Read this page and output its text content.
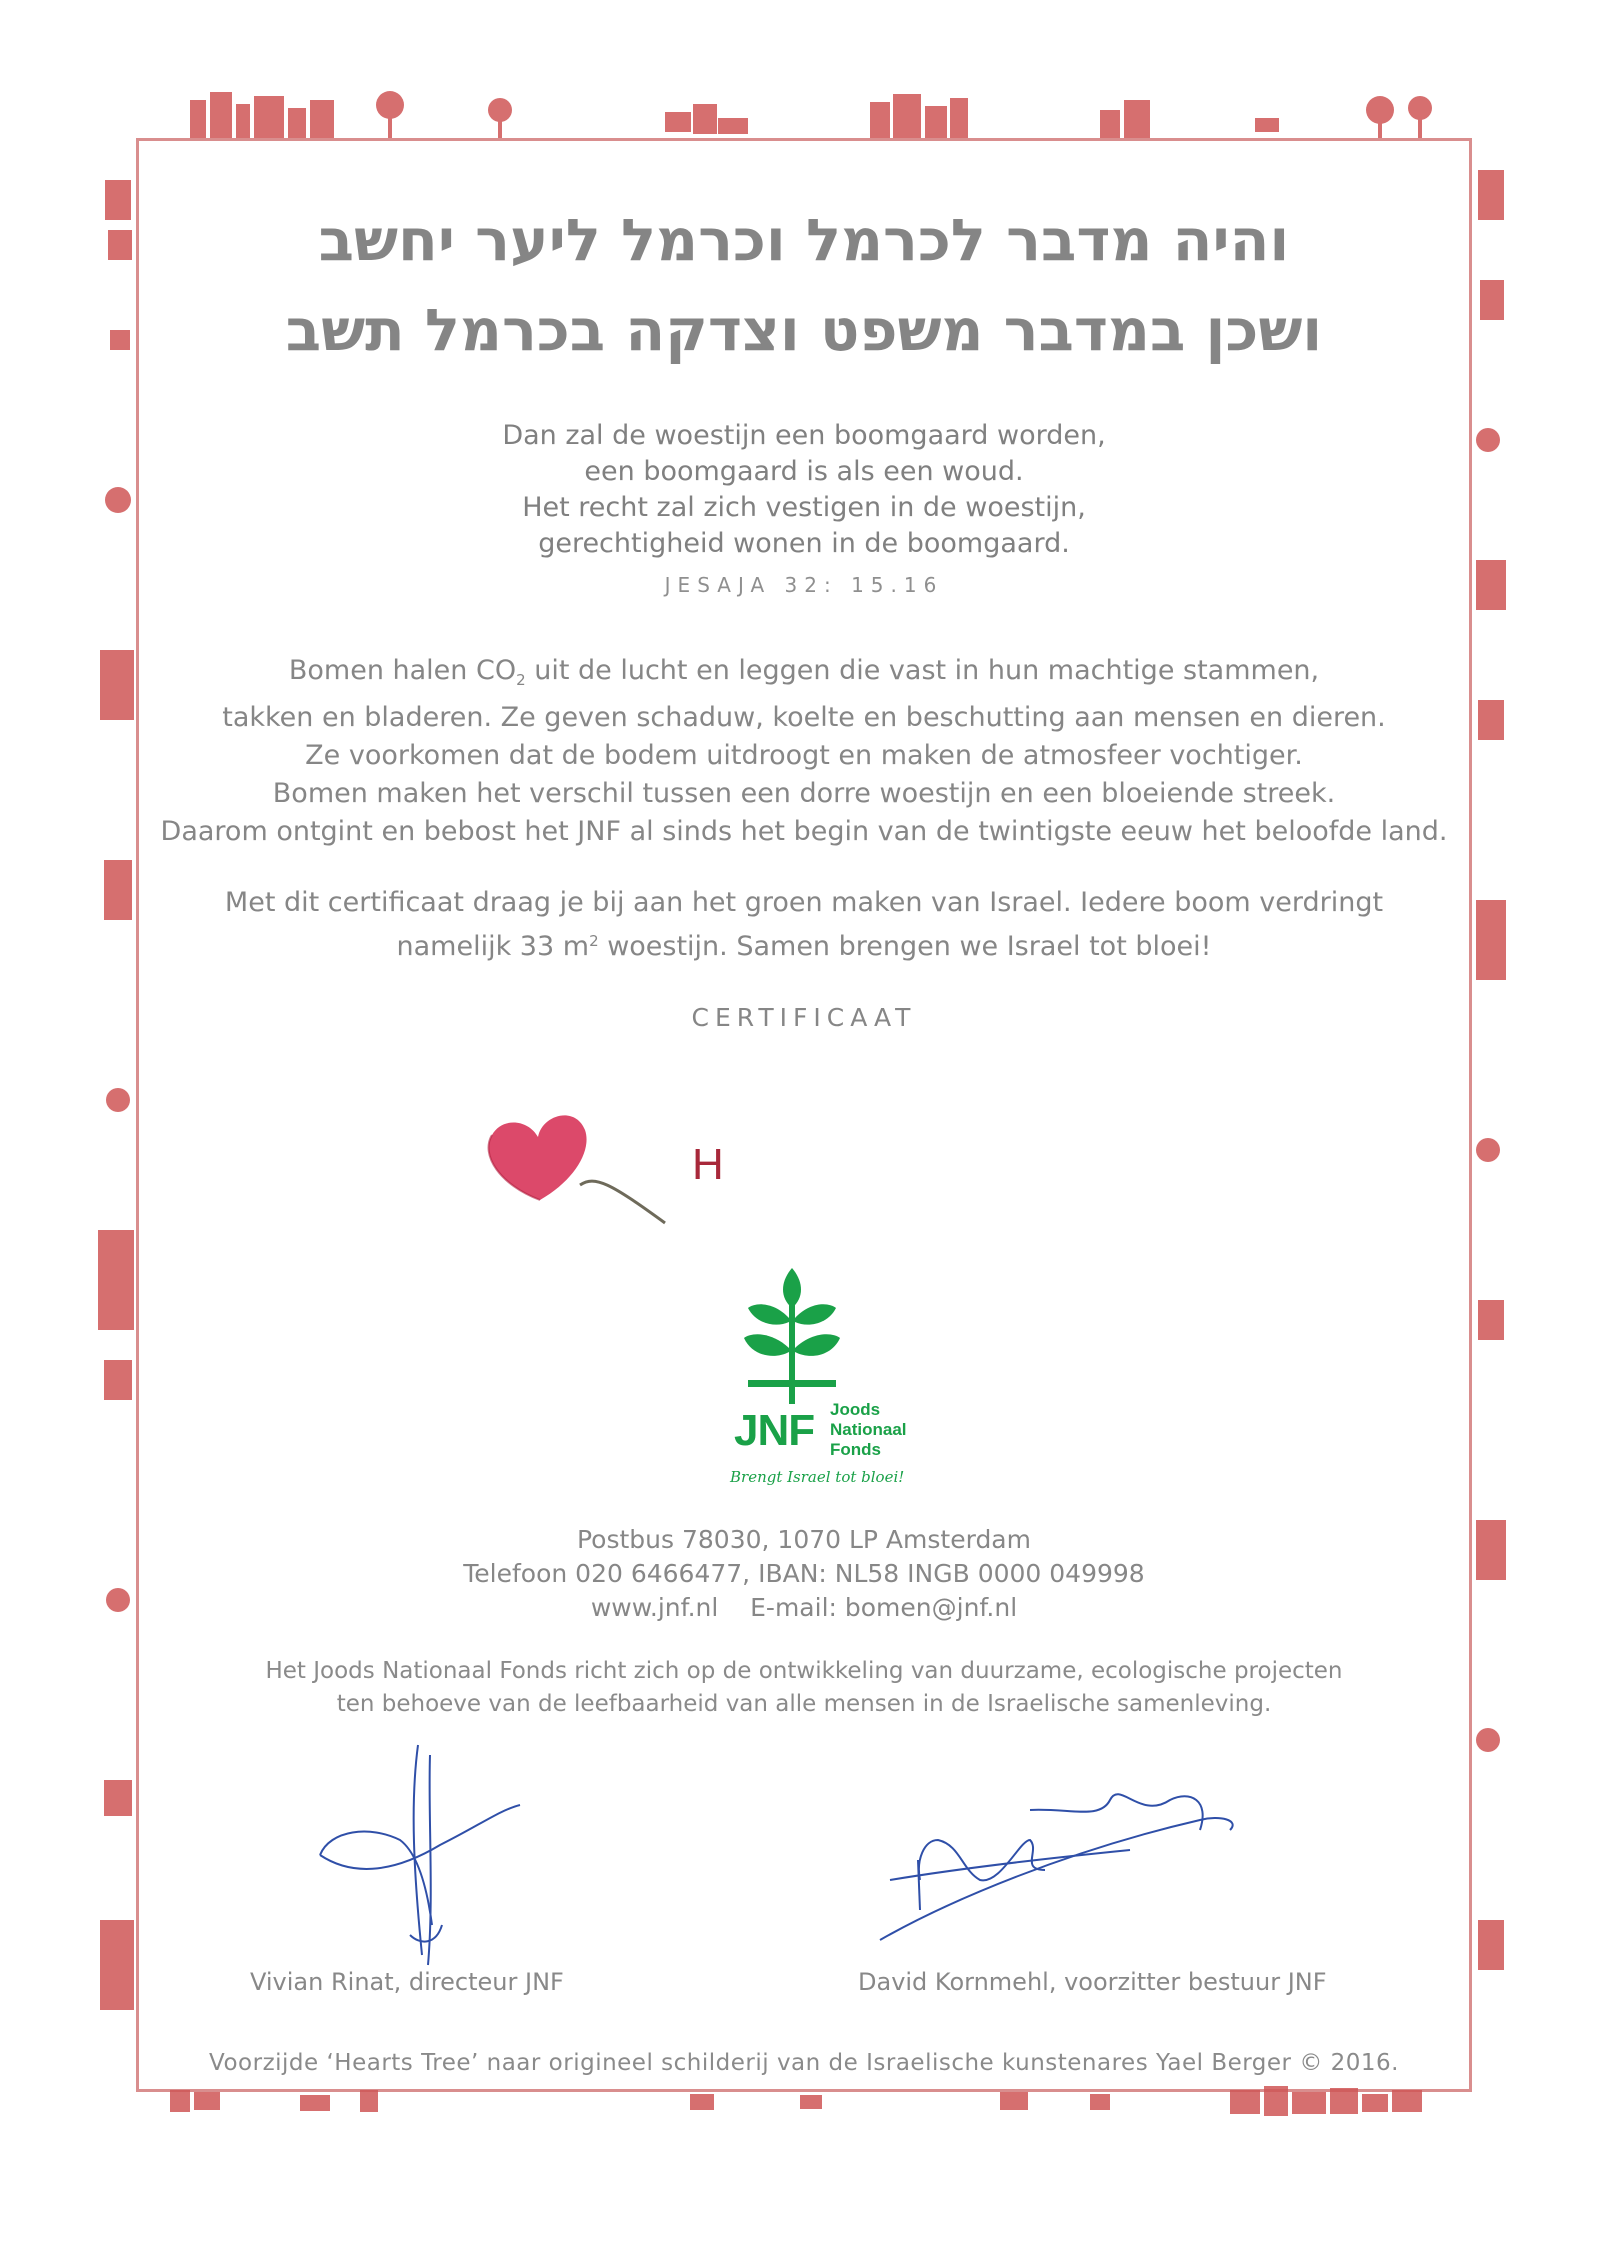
והיה מדבר לכרמל וכרמל ליער יחשב
ושכן במדבר משפט וצדקה בכרמל תשב
Dan zal de woestijn een boomgaard worden,
een boomgaard is als een woud.
Het recht zal zich vestigen in de woestijn,
gerechtigheid wonen in de boomgaard.
JESAJA 32: 15.16
Bomen halen $CO_2$ uit de lucht en leggen die vast in hun machtige stammen,
takken en bladeren. Ze geven schaduw, koelte en beschutting aan mensen en dieren.
Ze voorkomen dat de bodem uitdroogt en maken de atmosfeer vochtiger.
Bomen maken het verschil tussen een dorre woestijn en een bloeiende streek.
Daarom ontgint en bebost het JNF al sinds het begin van de twintigste eeuw het beloofde land.
Met dit certificaat draag je bij aan het groen maken van Israel. Iedere boom verdringt
namelijk 33 $m^2$ woestijn. Samen brengen we Israel tot bloei!
CERTIFICAAT
H
JNF Joods
Nationaal
Fonds
Brengt Israel tot bloei!
Postbus 78030, 1070 LP Amsterdam
Telefoon 020 6466477, IBAN: NL58 INGB 0000 049998
www.jnf.nl E-mail: bomen@jnf.nl
Het Joods Nationaal Fonds richt zich op de ontwikkeling van duurzame, ecologische projecten
ten behoeve van de leefbaarheid van alle mensen in de Israelische samenleving.
Vivian Rinat, directeur JNF	David Kornmehl, voorzitter bestuur JNF
Voorzijde ‘Hearts Tree’ naar origineel schilderij van de Israelische kunstenares Yael Berger © 2016.
